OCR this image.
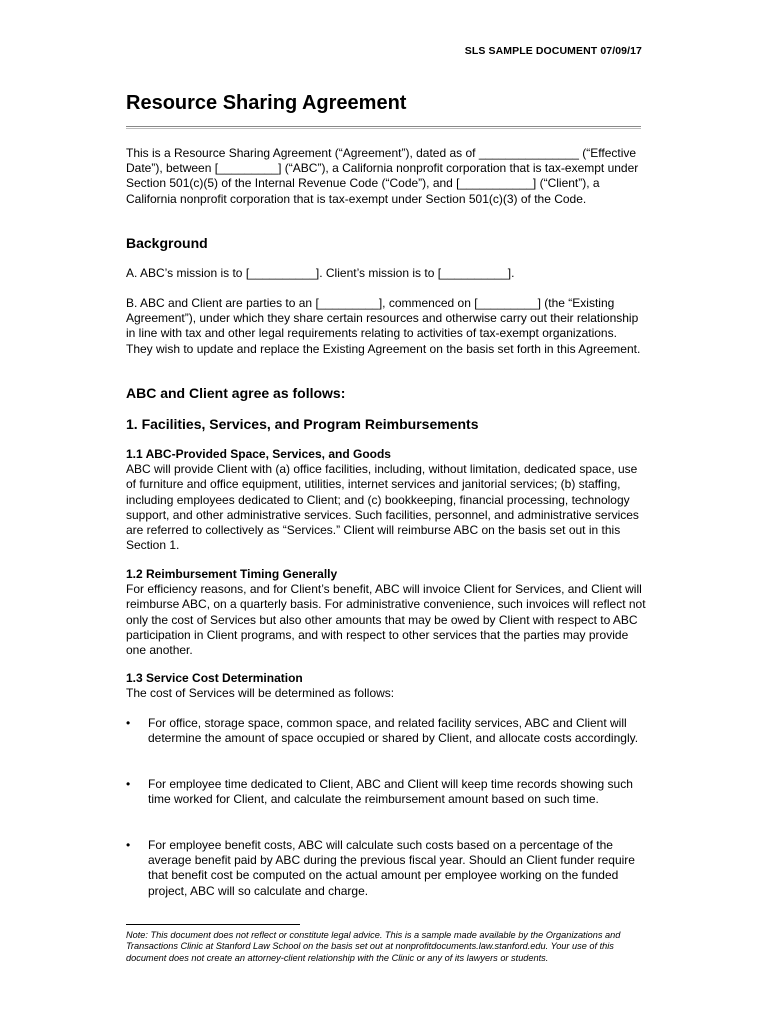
SLS SAMPLE DOCUMENT 07/09/17
Resource Sharing Agreement

This is a Resource Sharing Agreement (“Agreement”), dated as of _______________ (“Effective Date”), between [_________] (“ABC”), a California nonprofit corporation that is tax-exempt under Section 501(c)(5) of the Internal Revenue Code (“Code”), and [___________] (“Client”), a California nonprofit corporation that is tax-exempt under Section 501(c)(3) of the Code.

Background

A. ABC’s mission is to [__________]. Client’s mission is to [__________].

B. ABC and Client are parties to an [_________], commenced on [_________] (the “Existing Agreement”), under which they share certain resources and otherwise carry out their relationship in line with tax and other legal requirements relating to activities of tax-exempt organizations. They wish to update and replace the Existing Agreement on the basis set forth in this Agreement.

ABC and Client agree as follows:
1. Facilities, Services, and Program Reimbursements

1.1 ABC-Provided Space, Services, and Goods

ABC will provide Client with (a) office facilities, including, without limitation, dedicated space, use of furniture and office equipment, utilities, internet services and janitorial services; (b) staffing, including employees dedicated to Client; and (c) bookkeeping, financial processing, technology support, and other administrative services. Such facilities, personnel, and administrative services are referred to collectively as “Services.” Client will reimburse ABC on the basis set out in this Section 1.

1.2 Reimbursement Timing Generally

For efficiency reasons, and for Client’s benefit, ABC will invoice Client for Services, and Client will reimburse ABC, on a quarterly basis. For administrative convenience, such invoices will reflect not only the cost of Services but also other amounts that may be owed by Client with respect to ABC participation in Client programs, and with respect to other services that the parties may provide one another.

1.3 Service Cost Determination

The cost of Services will be determined as follows:

• For office, storage space, common space, and related facility services, ABC and Client will determine the amount of space occupied or shared by Client, and allocate costs accordingly.
• For employee time dedicated to Client, ABC and Client will keep time records showing such time worked for Client, and calculate the reimbursement amount based on such time.
• For employee benefit costs, ABC will calculate such costs based on a percentage of the average benefit paid by ABC during the previous fiscal year. Should an Client funder require that benefit cost be computed on the actual amount per employee working on the funded project, ABC will so calculate and charge.
Note: This document does not reflect or constitute legal advice. This is a sample made available by the Organizations and Transactions Clinic at Stanford Law School on the basis set out at nonprofitdocuments.law.stanford.edu. Your use of this document does not create an attorney-client relationship with the Clinic or any of its lawyers or students.
